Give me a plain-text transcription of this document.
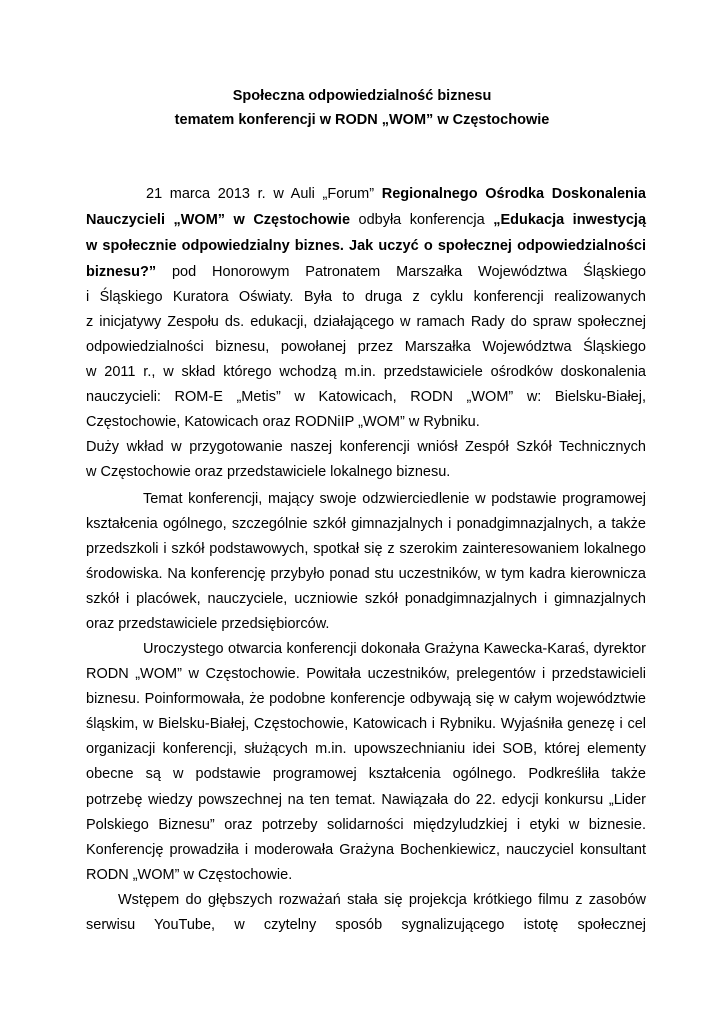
Społeczna odpowiedzialność biznesu
tematem konferencji w RODN „WOM” w Częstochowie
21 marca 2013 r. w Auli „Forum” Regionalnego Ośrodka Doskonalenia
Nauczycieli „WOM” w Częstochowie odbyła konferencja „Edukacja inwestycją
w społecznie odpowiedzialny biznes. Jak uczyć o społecznej odpowiedzialności
biznesu?” pod Honorowym Patronatem Marszałka Województwa Śląskiego
i Śląskiego Kuratora Oświaty. Była to druga z cyklu konferencji realizowanych
z inicjatywy Zespołu ds. edukacji, działającego w ramach Rady do spraw społecznej
odpowiedzialności biznesu, powołanej przez Marszałka Województwa Śląskiego
w 2011 r., w skład którego wchodzą m.in. przedstawiciele ośrodków doskonalenia
nauczycieli: ROM-E „Metis” w Katowicach, RODN „WOM” w: Bielsku-Białej,
Częstochowie, Katowicach oraz RODNiIP „WOM” w Rybniku.
Duży wkład w przygotowanie naszej konferencji wniósł Zespół Szkół Technicznych
w Częstochowie oraz przedstawiciele lokalnego biznesu.
Temat konferencji, mający swoje odzwierciedlenie w podstawie programowej
kształcenia ogólnego, szczególnie szkół gimnazjalnych i ponadgimnazjalnych, a także
przedszkoli i szkół podstawowych, spotkał się z szerokim zainteresowaniem lokalnego
środowiska. Na konferencję przybyło ponad stu uczestników, w tym kadra kierownicza
szkół i placówek, nauczyciele, uczniowie szkół ponadgimnazjalnych i gimnazjalnych
oraz przedstawiciele przedsiębiorców.
Uroczystego otwarcia konferencji dokonała Grażyna Kawecka-Karaś, dyrektor
RODN „WOM” w Częstochowie. Powitała uczestników, prelegentów i przedstawicieli
biznesu. Poinformowała, że podobne konferencje odbywają się w całym województwie
śląskim, w Bielsku-Białej, Częstochowie, Katowicach i Rybniku. Wyjaśniła genezę i cel
organizacji konferencji, służących m.in. upowszechnianiu idei SOB, której elementy
obecne są w podstawie programowej kształcenia ogólnego. Podkreśliła także
potrzebę wiedzy powszechnej na ten temat. Nawiązała do 22. edycji konkursu „Lider
Polskiego Biznesu” oraz potrzeby solidarności międzyludzkiej i etyki w biznesie.
Konferencję prowadziła i moderowała Grażyna Bochenkiewicz, nauczyciel konsultant
RODN „WOM” w Częstochowie.
Wstępem do głębszych rozważań stała się projekcja krótkiego filmu z zasobów
serwisu YouTube, w czytelny sposób sygnalizującego istotę społecznej
